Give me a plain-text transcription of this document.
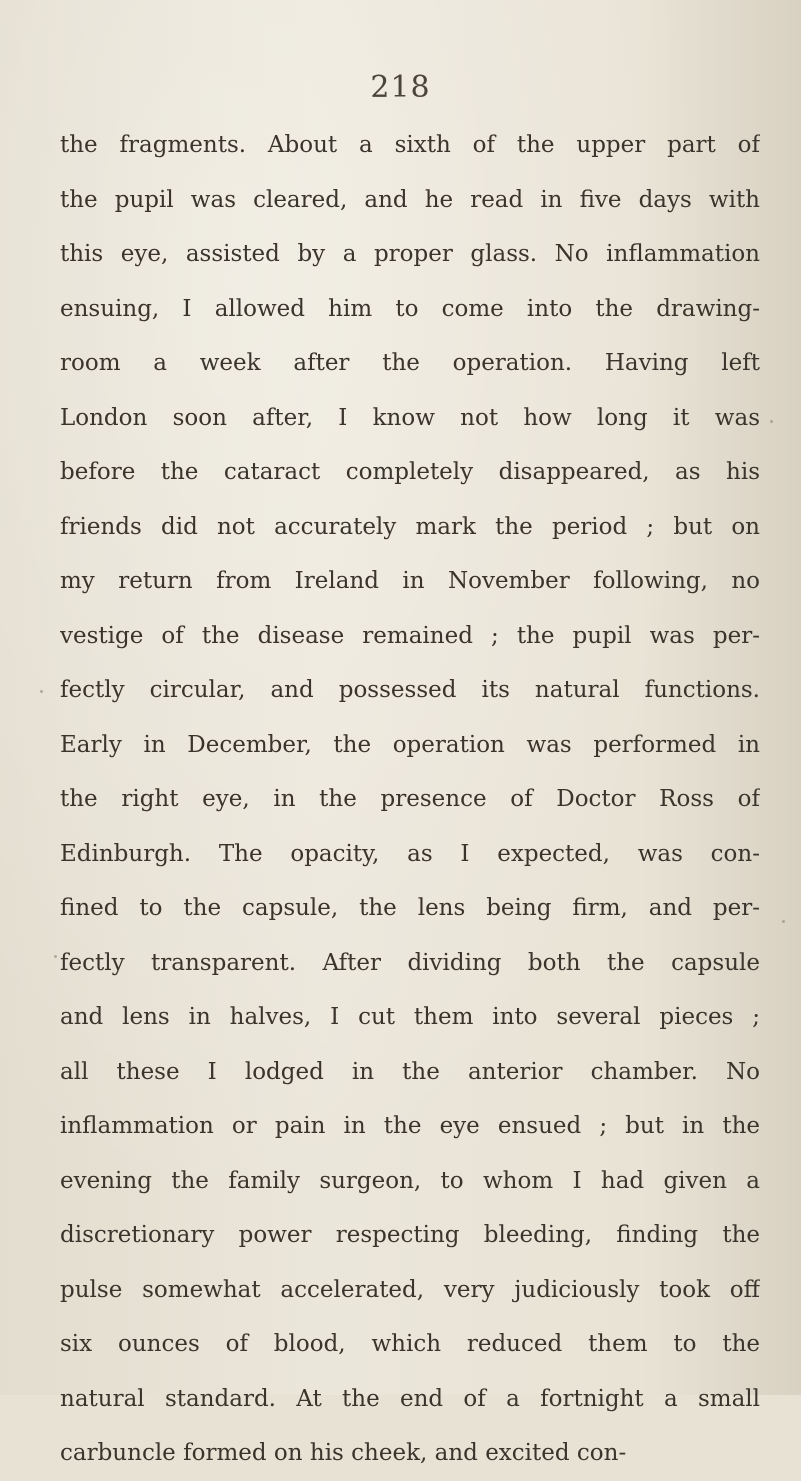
218
the fragments. About a sixth of the upper part of
the pupil was cleared, and he read in five days with
this eye, assisted by a proper glass. No inflammation
ensuing, I allowed him to come into the drawing-
room a week after the operation. Having left
London soon after, I know not how long it was
before the cataract completely disappeared, as his
friends did not accurately mark the period ; but on
my return from Ireland in November following, no
vestige of the disease remained ; the pupil was per-
fectly circular, and possessed its natural functions.
Early in December, the operation was performed in
the right eye, in the presence of Doctor Ross of
Edinburgh. The opacity, as I expected, was con-
fined to the capsule, the lens being firm, and per-
fectly transparent. After dividing both the capsule
and lens in halves, I cut them into several pieces ;
all these I lodged in the anterior chamber. No
inflammation or pain in the eye ensued ; but in the
evening the family surgeon, to whom I had given a
discretionary power respecting bleeding, finding the
pulse somewhat accelerated, very judiciously took off
six ounces of blood, which reduced them to the
natural standard. At the end of a fortnight a small
carbuncle formed on his cheek, and excited con-
